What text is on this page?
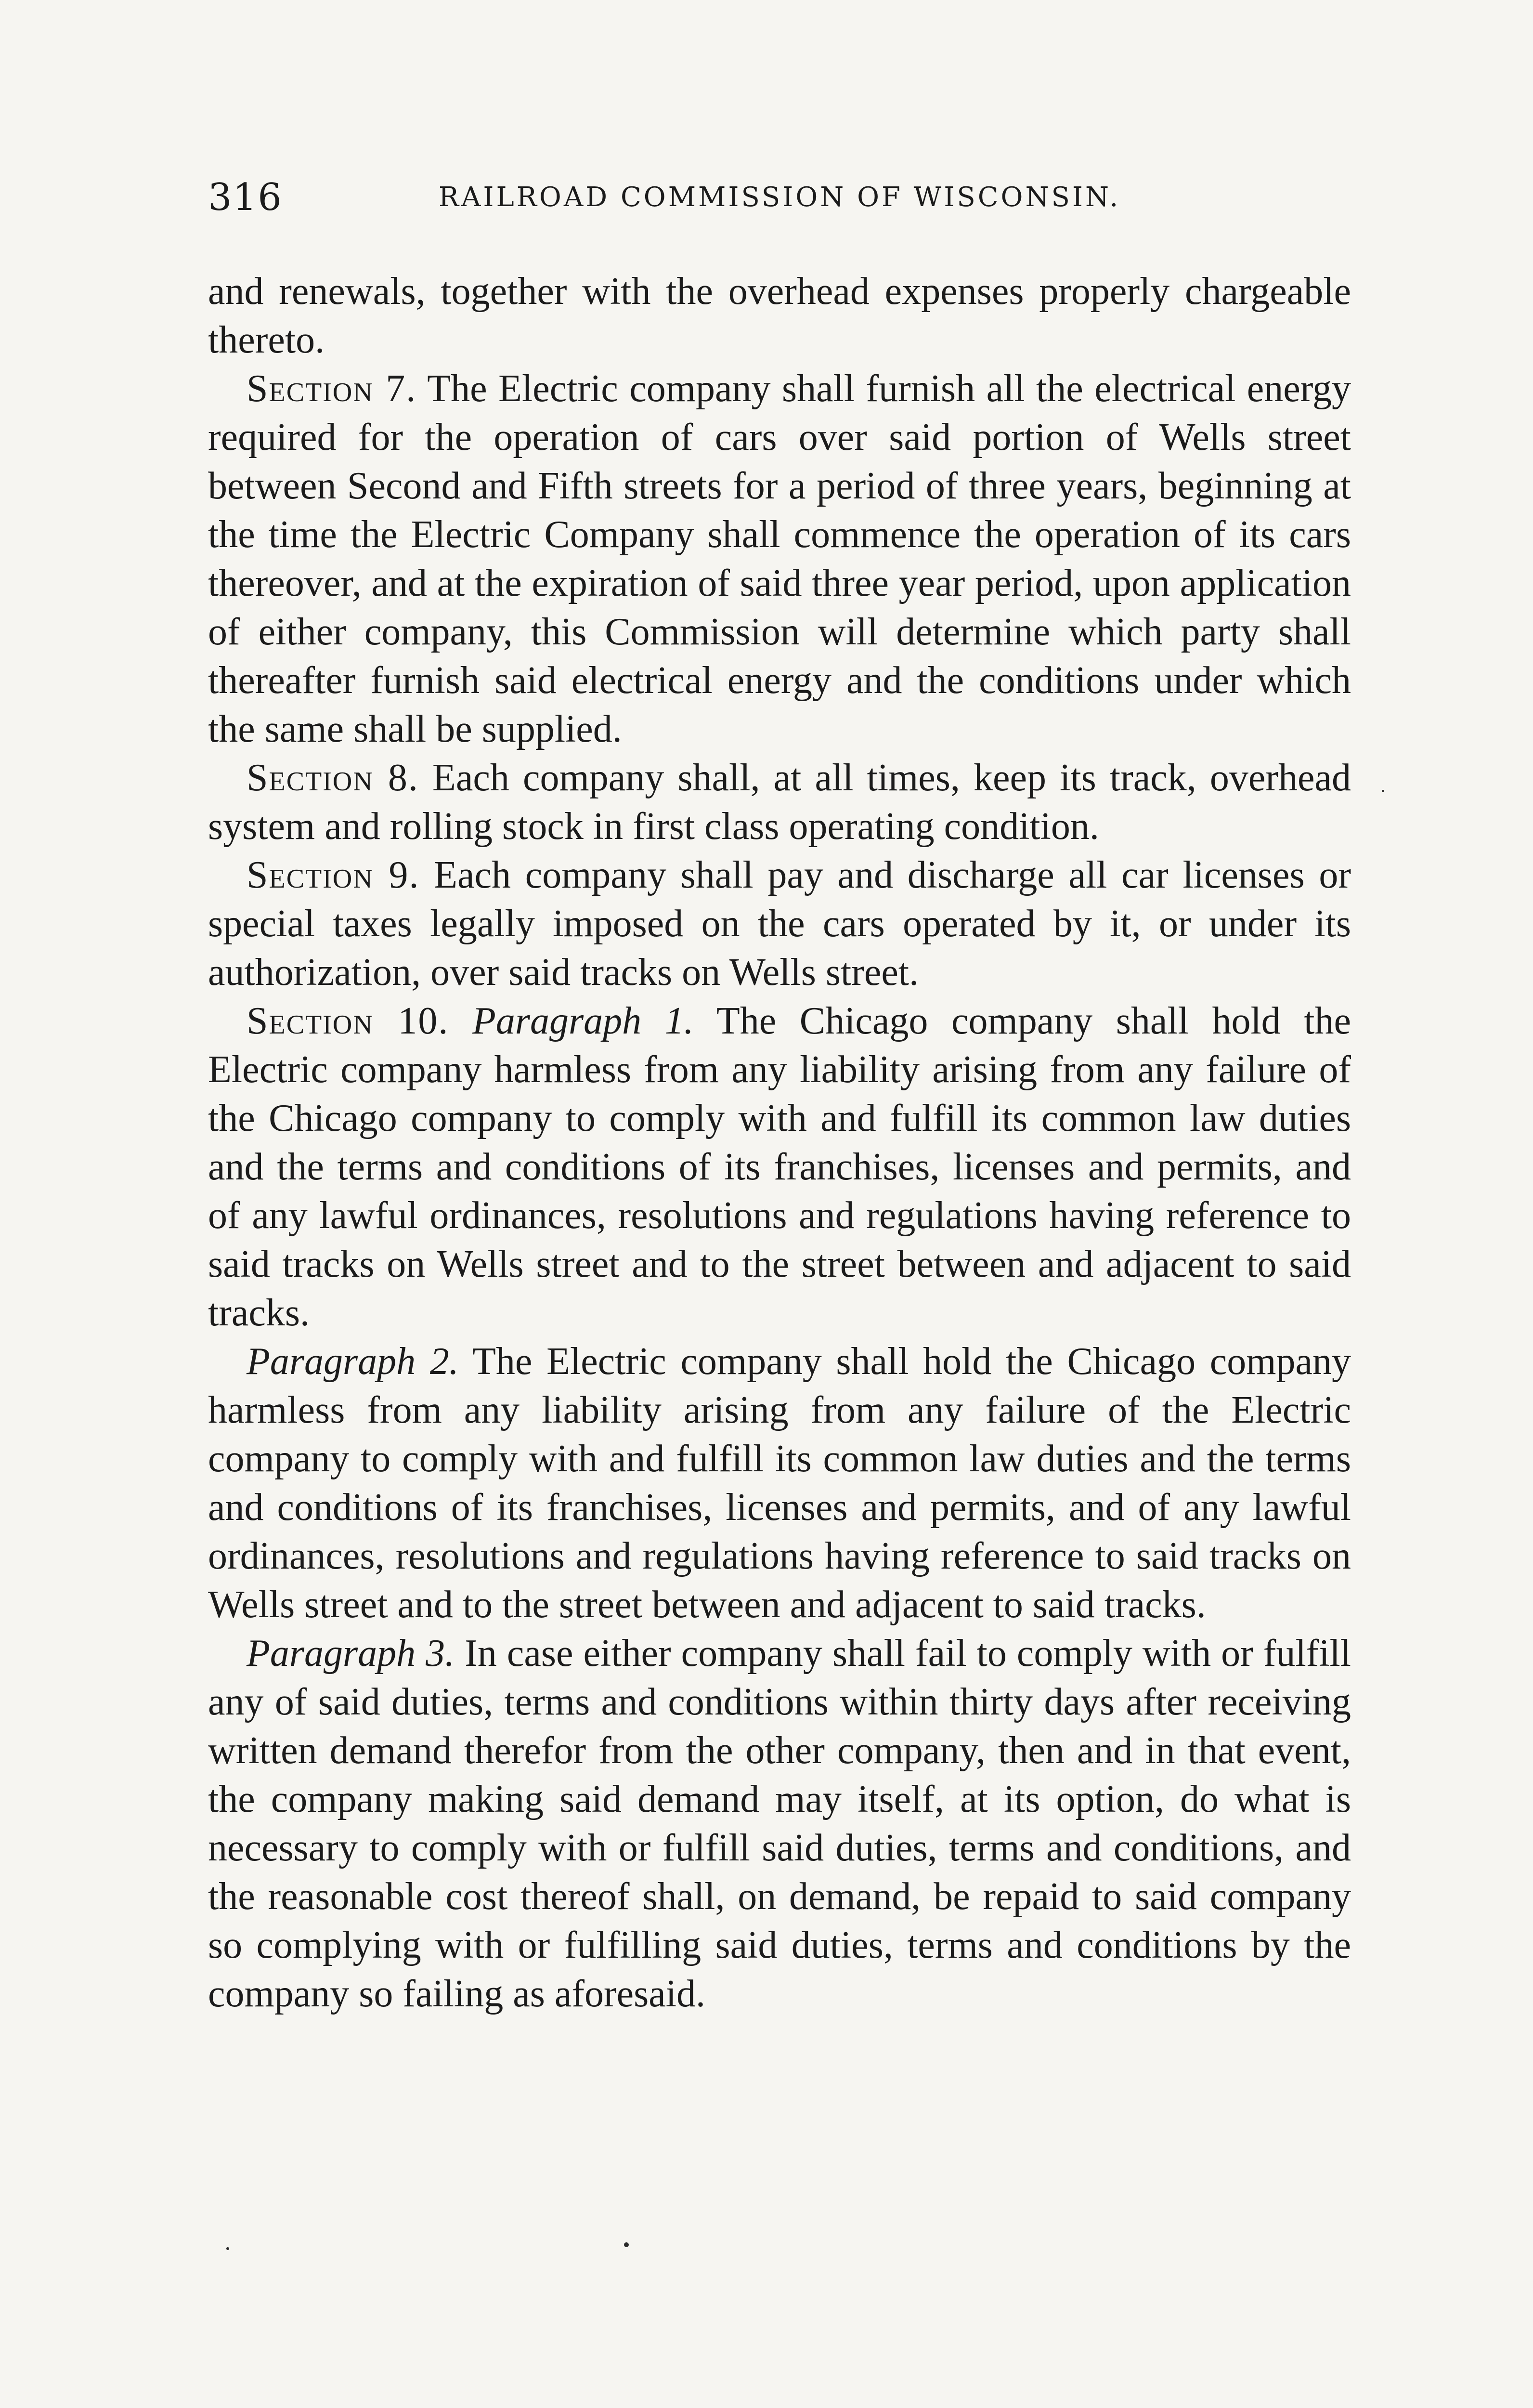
316	RAILROAD COMMISSION OF WISCONSIN.

and renewals, together with the overhead expenses properly chargeable thereto.

Section 7. The Electric company shall furnish all the electrical energy required for the operation of cars over said portion of Wells street between Second and Fifth streets for a period of three years, beginning at the time the Electric Company shall commence the operation of its cars thereover, and at the expiration of said three year period, upon application of either company, this Commission will determine which party shall thereafter furnish said electrical energy and the conditions under which the same shall be supplied.

Section 8. Each company shall, at all times, keep its track, overhead system and rolling stock in first class operating condition.

Section 9. Each company shall pay and discharge all car licenses or special taxes legally imposed on the cars operated by it, or under its authorization, over said tracks on Wells street.

Section 10. Paragraph 1. The Chicago company shall hold the Electric company harmless from any liability arising from any failure of the Chicago company to comply with and fulfill its common law duties and the terms and conditions of its franchises, licenses and permits, and of any lawful ordinances, resolutions and regulations having reference to said tracks on Wells street and to the street between and adjacent to said tracks.

Paragraph 2. The Electric company shall hold the Chicago company harmless from any liability arising from any failure of the Electric company to comply with and fulfill its common law duties and the terms and conditions of its franchises, licenses and permits, and of any lawful ordinances, resolutions and regulations having reference to said tracks on Wells street and to the street between and adjacent to said tracks.

Paragraph 3. In case either company shall fail to comply with or fulfill any of said duties, terms and conditions within thirty days after receiving written demand therefor from the other company, then and in that event, the company making said demand may itself, at its option, do what is necessary to comply with or fulfill said duties, terms and conditions, and the reasonable cost thereof shall, on demand, be repaid to said company so complying with or fulfilling said duties, terms and conditions by the company so failing as aforesaid.
